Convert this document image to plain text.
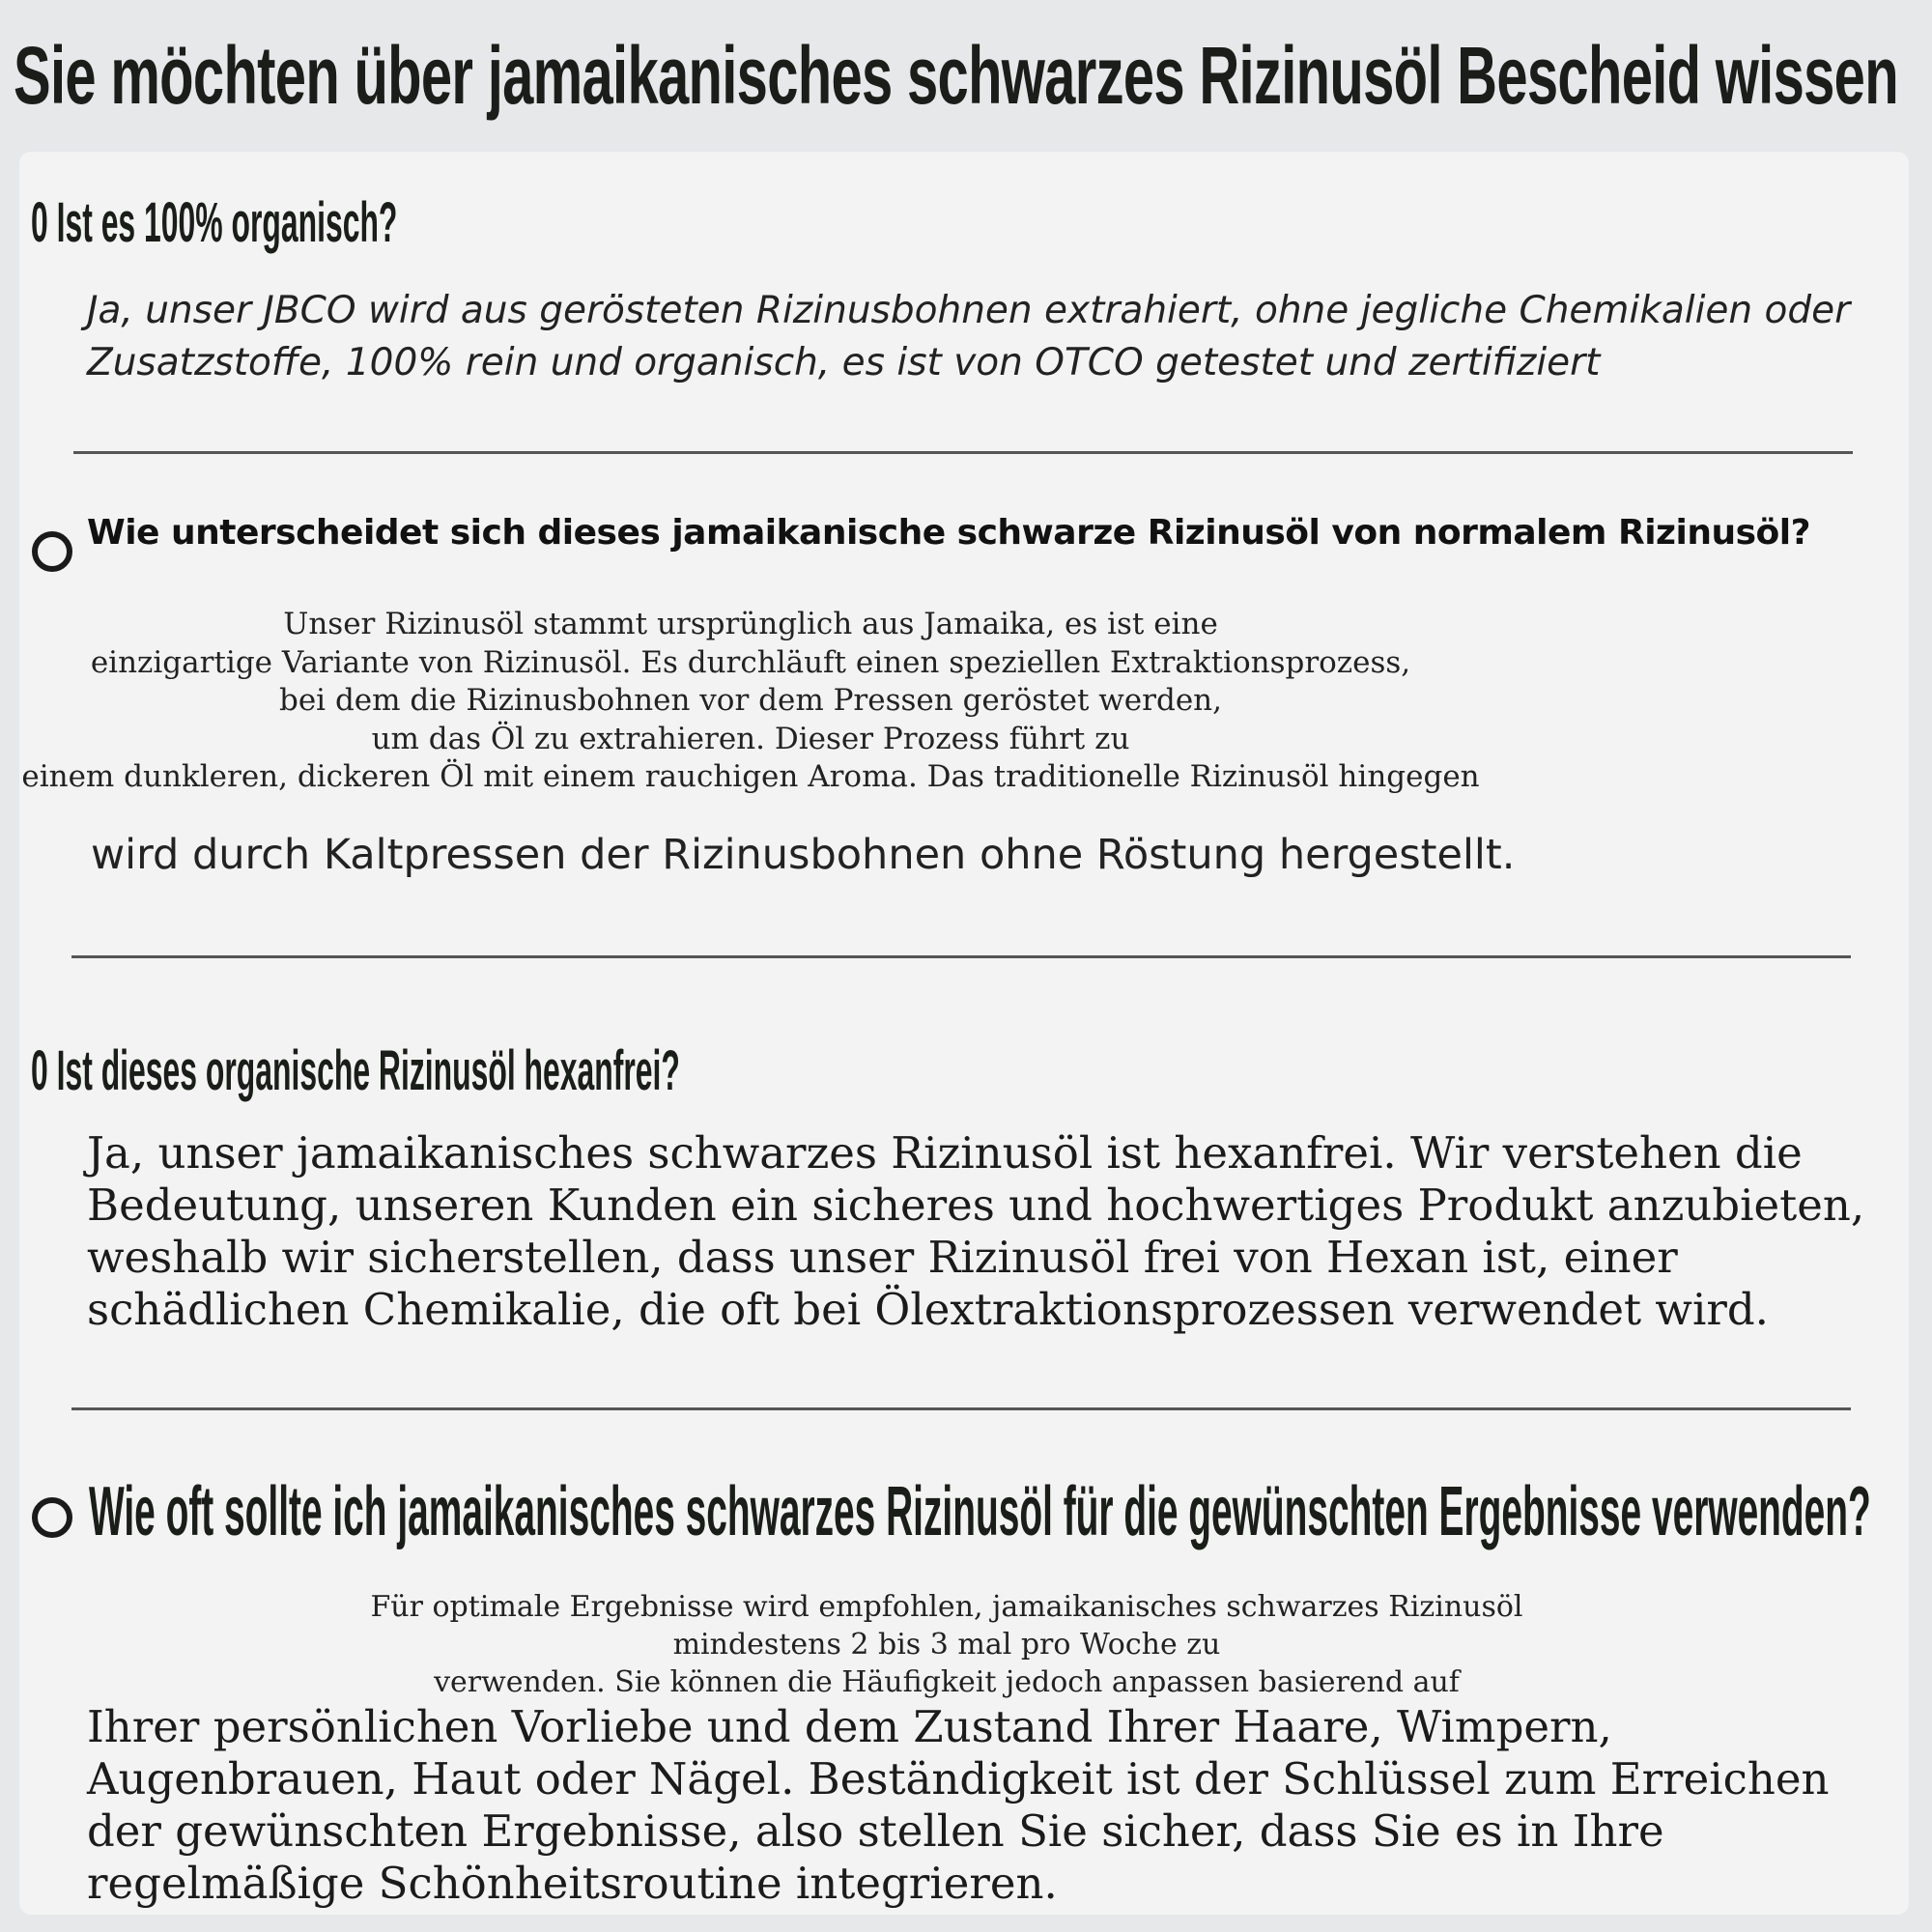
Sie möchten über jamaikanisches schwarzes Rizinusöl Bescheid wissen
0 Ist es 100% organisch?
Ja, unser JBCO wird aus gerösteten Rizinusbohnen extrahiert, ohne jegliche Chemikalien oder Zusatzstoffe, 100% rein und organisch, es ist von OTCO getestet und zertifiziert
Wie unterscheidet sich dieses jamaikanische schwarze Rizinusöl von normalem Rizinusöl?
Unser Rizinusöl stammt ursprünglich aus Jamaika, es ist eine
einzigartige Variante von Rizinusöl. Es durchläuft einen speziellen Extraktionsprozess,
bei dem die Rizinusbohnen vor dem Pressen geröstet werden,
um das Öl zu extrahieren. Dieser Prozess führt zu
einem dunkleren, dickeren Öl mit einem rauchigen Aroma. Das traditionelle Rizinusöl hingegen
wird durch Kaltpressen der Rizinusbohnen ohne Röstung hergestellt.
0 Ist dieses organische Rizinusöl hexanfrei?
Ja, unser jamaikanisches schwarzes Rizinusöl ist hexanfrei. Wir verstehen die Bedeutung, unseren Kunden ein sicheres und hochwertiges Produkt anzubieten, weshalb wir sicherstellen, dass unser Rizinusöl frei von Hexan ist, einer schädlichen Chemikalie, die oft bei Ölextraktionsprozessen verwendet wird.
Wie oft sollte ich jamaikanisches schwarzes Rizinusöl für die gewünschten Ergebnisse verwenden?
Für optimale Ergebnisse wird empfohlen, jamaikanisches schwarzes Rizinusöl
mindestens 2 bis 3 mal pro Woche zu
verwenden. Sie können die Häufigkeit jedoch anpassen basierend auf
Ihrer persönlichen Vorliebe und dem Zustand Ihrer Haare, Wimpern, Augenbrauen, Haut oder Nägel. Beständigkeit ist der Schlüssel zum Erreichen der gewünschten Ergebnisse, also stellen Sie sicher, dass Sie es in Ihre regelmäßige Schönheitsroutine integrieren.
